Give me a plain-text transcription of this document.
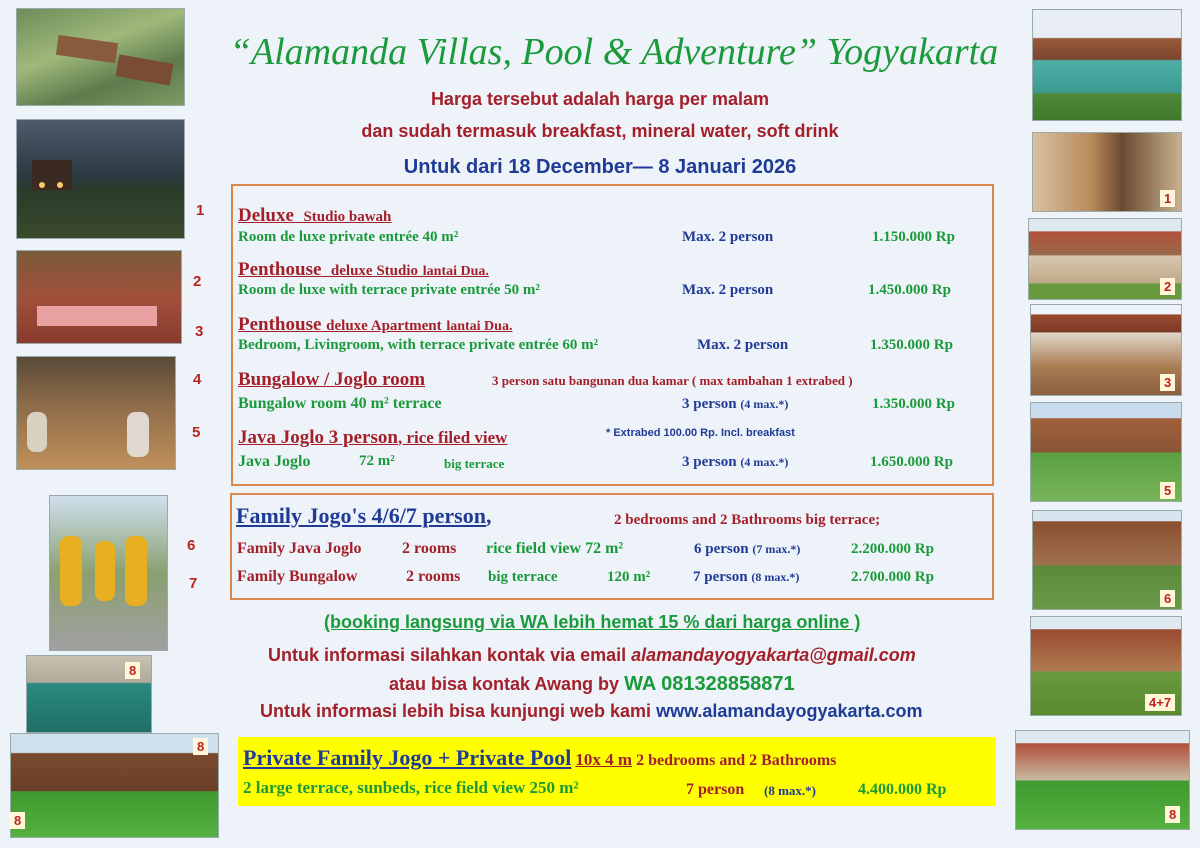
8
8
8
1
2
3
4
5
6
7
1
2
3
5
6
4+7
8
“Alamanda Villas, Pool & Adventure” Yogyakarta
Harga tersebut adalah harga per malam
dan sudah termasuk breakfast, mineral water, soft drink
Untuk dari 18 December— 8 Januari 2026
Deluxe Studio bawah
Room de luxe private entrée 40 m²	Max. 2 person	1.150.000 Rp
Penthouse deluxe Studio lantai Dua.
Room de luxe with terrace private entrée 50 m²	Max. 2 person	1.450.000 Rp
Penthouse deluxe Apartment lantai Dua.
Bedroom, Livingroom, with terrace private entrée 60 m²	Max. 2 person	1.350.000 Rp
Bungalow / Joglo room	3 person satu bangunan dua kamar ( max tambahan 1 extrabed )
Bungalow room 40 m² terrace	3 person (4 max.*)	1.350.000 Rp
Java Joglo 3 person, rice filed view	* Extrabed 100.00 Rp. Incl. breakfast
Java Joglo	72 m²	big terrace	3 person (4 max.*)	1.650.000 Rp
Family Jogo's 4/6/7 person,	2 bedrooms and 2 Bathrooms big terrace;
Family Java Joglo	2 rooms rice field view 72 m²	6 person (7 max.*)	2.200.000 Rp
Family Bungalow	2 rooms big terrace	120 m²	7 person (8 max.*)	2.700.000 Rp
(booking langsung via WA lebih hemat 15 % dari harga online )
Untuk informasi silahkan kontak via email alamandayogyakarta@gmail.com
atau bisa kontak Awang by WA 081328858871
Untuk informasi lebih bisa kunjungi web kami www.alamandayogyakarta.com
Private Family Jogo + Private Pool 10x 4 m 2 bedrooms and 2 Bathrooms
2 large terrace, sunbeds, rice field view 250 m²	7 person (8 max.*)	4.400.000 Rp
